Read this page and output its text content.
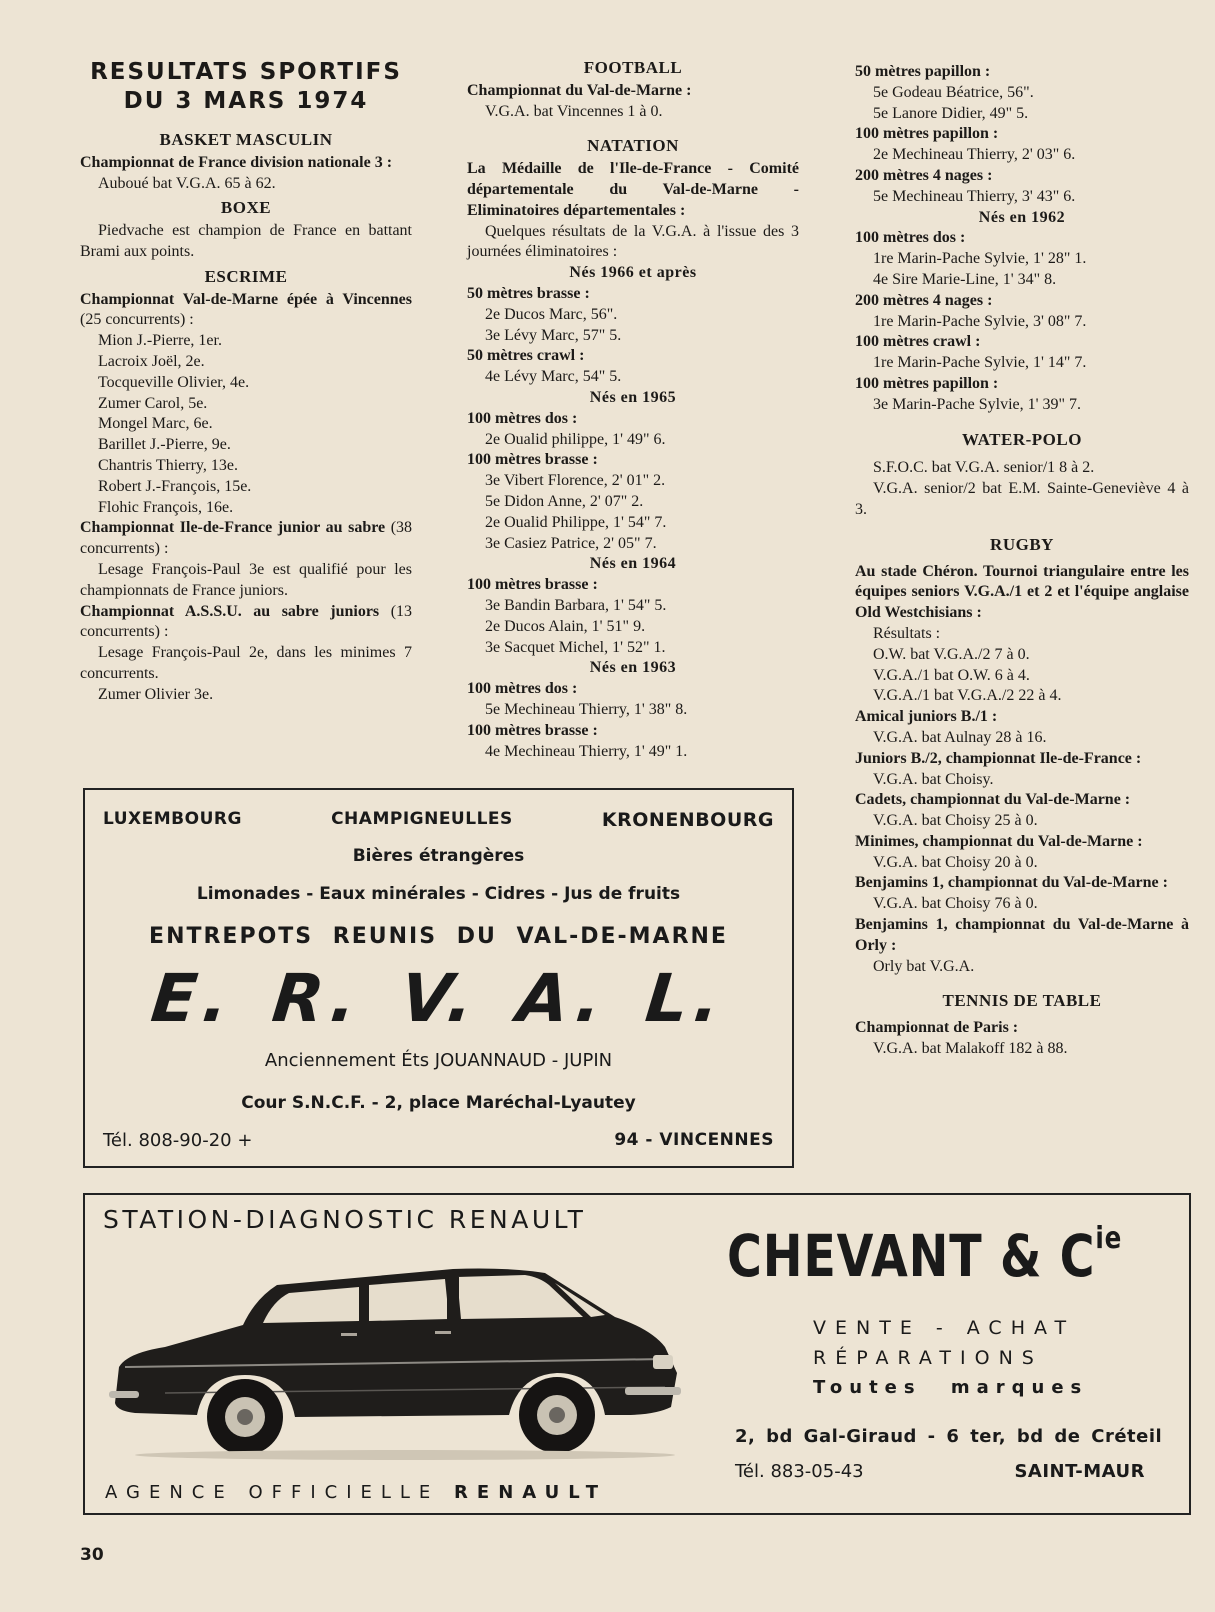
RESULTATS SPORTIFS
DU 3 MARS 1974

BASKET MASCULIN

Championnat de France division nationale 3 :

Auboué bat V.G.A. 65 à 62.

BOXE

Piedvache est champion de France en battant Brami aux points.

ESCRIME

Championnat Val-de-Marne épée à Vincennes (25 concurrents) :

Mion J.-Pierre, 1er.

Lacroix Joël, 2e.

Tocqueville Olivier, 4e.

Zumer Carol, 5e.

Mongel Marc, 6e.

Barillet J.-Pierre, 9e.

Chantris Thierry, 13e.

Robert J.-François, 15e.

Flohic François, 16e.

Championnat Ile-de-France junior au sabre (38 concurrents) :

Lesage François-Paul 3e est qualifié pour les championnats de France juniors.

Championnat A.S.S.U. au sabre juniors (13 concurrents) :

Lesage François-Paul 2e, dans les minimes 7 concurrents.

Zumer Olivier 3e.

FOOTBALL

Championnat du Val-de-Marne :

V.G.A. bat Vincennes 1 à 0.

NATATION

La Médaille de l'Ile-de-France - Comité départementale du Val-de-Marne - Eliminatoires départementales :

Quelques résultats de la V.G.A. à l'issue des 3 journées éliminatoires :

Nés 1966 et après

50 mètres brasse :

2e Ducos Marc, 56".

3e Lévy Marc, 57" 5.

50 mètres crawl :

4e Lévy Marc, 54" 5.

Nés en 1965

100 mètres dos :

2e Oualid philippe, 1' 49" 6.

100 mètres brasse :

3e Vibert Florence, 2' 01" 2.

5e Didon Anne, 2' 07" 2.

2e Oualid Philippe, 1' 54" 7.

3e Casiez Patrice, 2' 05" 7.

Nés en 1964

100 mètres brasse :

3e Bandin Barbara, 1' 54" 5.

2e Ducos Alain, 1' 51" 9.

3e Sacquet Michel, 1' 52" 1.

Nés en 1963

100 mètres dos :

5e Mechineau Thierry, 1' 38" 8.

100 mètres brasse :

4e Mechineau Thierry, 1' 49" 1.

50 mètres papillon :

5e Godeau Béatrice, 56".

5e Lanore Didier, 49" 5.

100 mètres papillon :

2e Mechineau Thierry, 2' 03" 6.

200 mètres 4 nages :

5e Mechineau Thierry, 3' 43" 6.

Nés en 1962

100 mètres dos :

1re Marin-Pache Sylvie, 1' 28" 1.

4e Sire Marie-Line, 1' 34" 8.

200 mètres 4 nages :

1re Marin-Pache Sylvie, 3' 08" 7.

100 mètres crawl :

1re Marin-Pache Sylvie, 1' 14" 7.

100 mètres papillon :

3e Marin-Pache Sylvie, 1' 39" 7.

WATER-POLO

S.F.O.C. bat V.G.A. senior/1 8 à 2.

V.G.A. senior/2 bat E.M. Sainte-Geneviève 4 à 3.

RUGBY

Au stade Chéron. Tournoi triangulaire entre les équipes seniors V.G.A./1 et 2 et l'équipe anglaise Old Westchisians :

Résultats :

O.W. bat V.G.A./2 7 à 0.

V.G.A./1 bat O.W. 6 à 4.

V.G.A./1 bat V.G.A./2 22 à 4.

Amical juniors B./1 :

V.G.A. bat Aulnay 28 à 16.

Juniors B./2, championnat Ile-de-France :

V.G.A. bat Choisy.

Cadets, championnat du Val-de-Marne :

V.G.A. bat Choisy 25 à 0.

Minimes, championnat du Val-de-Marne :

V.G.A. bat Choisy 20 à 0.

Benjamins 1, championnat du Val-de-Marne :

V.G.A. bat Choisy 76 à 0.

Benjamins 1, championnat du Val-de-Marne à Orly :

Orly bat V.G.A.

TENNIS DE TABLE

Championnat de Paris :

V.G.A. bat Malakoff 182 à 88.

LUXEMBOURG	CHAMPIGNEULLES	KRONENBOURG
Bières étrangères
Limonades - Eaux minérales - Cidres - Jus de fruits
ENTREPOTS REUNIS DU VAL-DE-MARNE
E. R. V. A. L.
Anciennement Éts JOUANNAUD - JUPIN
Cour S.N.C.F. - 2, place Maréchal-Lyautey
Tél. 808-90-20 +	94 - VINCENNES
STATION-DIAGNOSTIC RENAULT
AGENCE OFFICIELLE RENAULT
CHEVANT & $C^{ie}$
VENTE - ACHAT
RÉPARATIONS
Toutes marques
2, bd Gal-Giraud - 6 ter, bd de Créteil
Tél. 883-05-43	SAINT-MAUR
30
